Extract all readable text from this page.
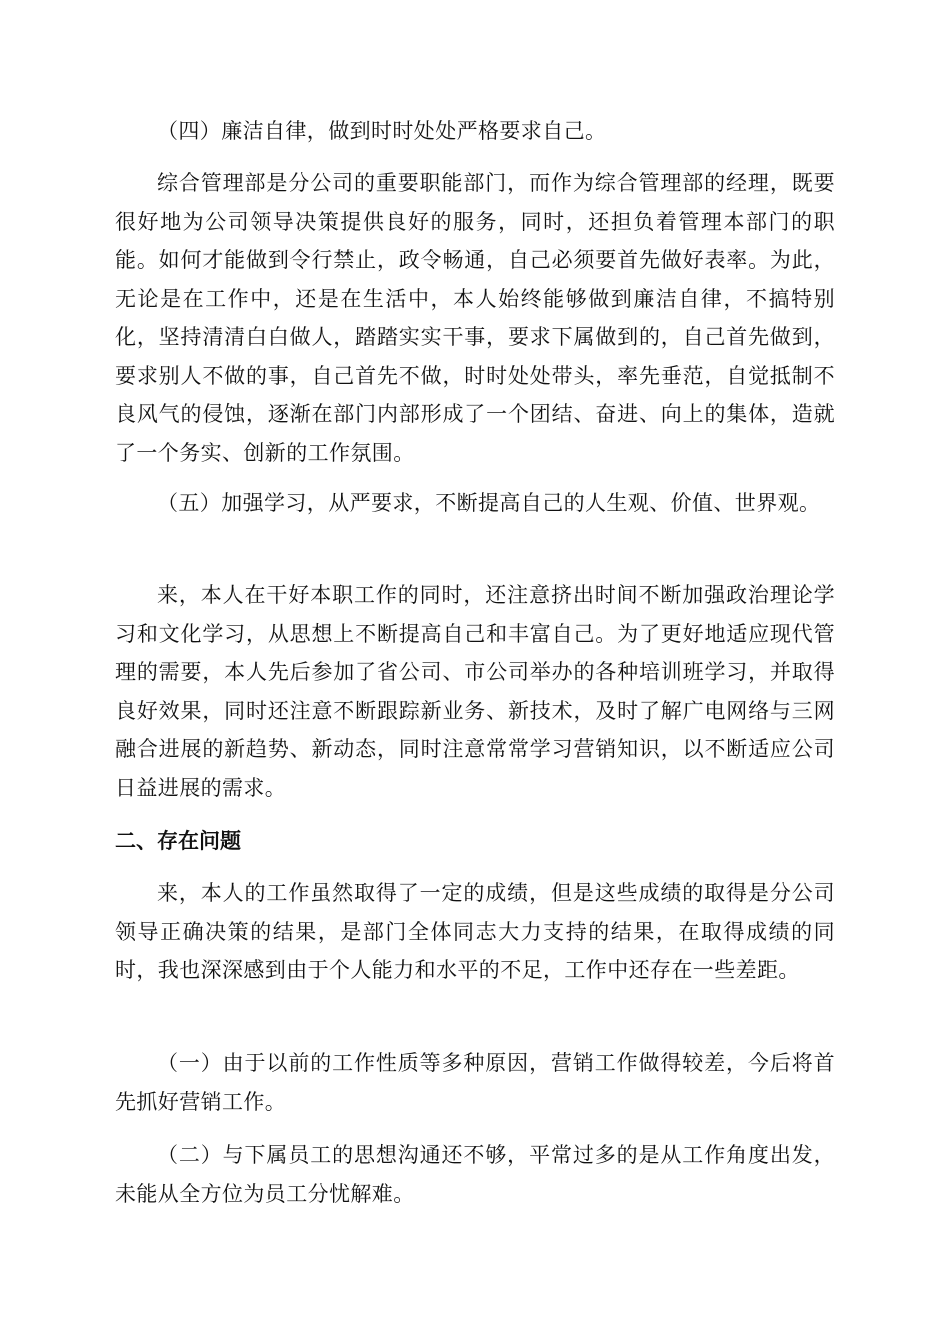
（四）廉洁自律，做到时时处处严格要求自己。

综合管理部是分公司的重要职能部门，而作为综合管理部的经理，既要很好地为公司领导决策提供良好的服务，同时，还担负着管理本部门的职能。如何才能做到令行禁止，政令畅通，自己必须要首先做好表率。为此，无论是在工作中，还是在生活中，本人始终能够做到廉洁自律，不搞特别化，坚持清清白白做人，踏踏实实干事，要求下属做到的，自己首先做到，要求别人不做的事，自己首先不做，时时处处带头，率先垂范，自觉抵制不良风气的侵蚀，逐渐在部门内部形成了一个团结、奋进、向上的集体，造就了一个务实、创新的工作氛围。

（五）加强学习，从严要求，不断提高自己的人生观、价值、世界观。

来，本人在干好本职工作的同时，还注意挤出时间不断加强政治理论学习和文化学习，从思想上不断提高自己和丰富自己。为了更好地适应现代管理的需要，本人先后参加了省公司、市公司举办的各种培训班学习，并取得良好效果，同时还注意不断跟踪新业务、新技术，及时了解广电网络与三网融合进展的新趋势、新动态，同时注意常常学习营销知识，以不断适应公司日益进展的需求。

二、存在问题

来，本人的工作虽然取得了一定的成绩，但是这些成绩的取得是分公司领导正确决策的结果，是部门全体同志大力支持的结果，在取得成绩的同时，我也深深感到由于个人能力和水平的不足，工作中还存在一些差距。

（一）由于以前的工作性质等多种原因，营销工作做得较差，今后将首先抓好营销工作。

（二）与下属员工的思想沟通还不够，平常过多的是从工作角度出发，未能从全方位为员工分忧解难。
